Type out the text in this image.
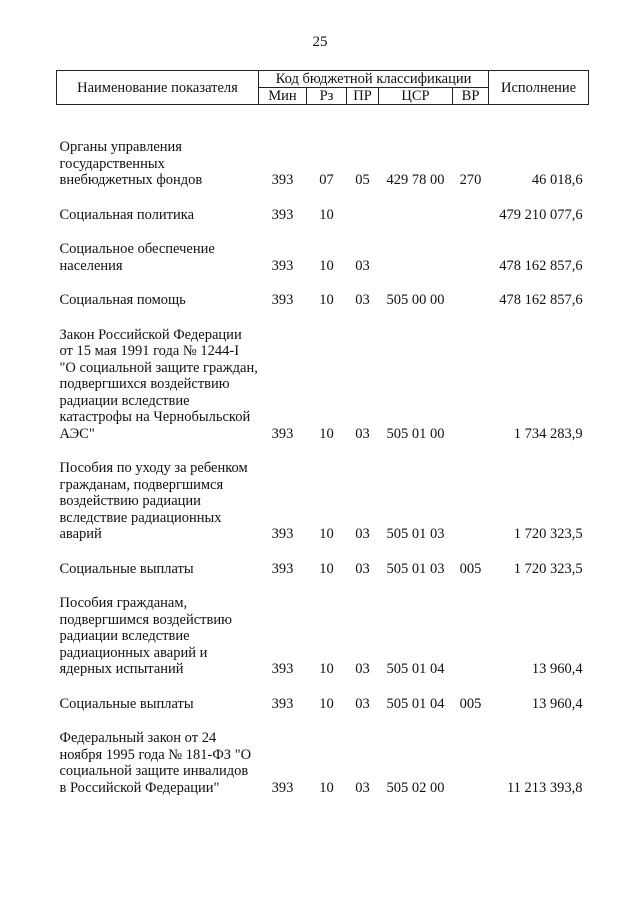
25
Наименование показателя	Код бюджетной классификации					Исполнение
	Мин	Рз	ПР	ЦСР	ВР	

Органы управления государственных внебюджетных фондов	393	07	05	429 78 00	270	46 018,6

Социальная политика	393	10				479 210 077,6

Социальное обеспечение населения	393	10	03			478 162 857,6

Социальная помощь	393	10	03	505 00 00		478 162 857,6

Закон Российской Федерации от 15 мая 1991 года № 1244-I "О социальной защите граждан, подвергшихся воздействию радиации вследствие катастрофы на Чернобыльской АЭС"	393	10	03	505 01 00		1 734 283,9

Пособия по уходу за ребенком гражданам, подвергшимся воздействию радиации вследствие радиационных аварий	393	10	03	505 01 03		1 720 323,5

Социальные выплаты	393	10	03	505 01 03	005	1 720 323,5

Пособия гражданам, подвергшимся воздействию радиации вследствие радиационных аварий и ядерных испытаний	393	10	03	505 01 04		13 960,4

Социальные выплаты	393	10	03	505 01 04	005	13 960,4

Федеральный закон от 24 ноября 1995 года № 181-ФЗ "О социальной защите инвалидов в Российской Федерации"	393	10	03	505 02 00		11 213 393,8
